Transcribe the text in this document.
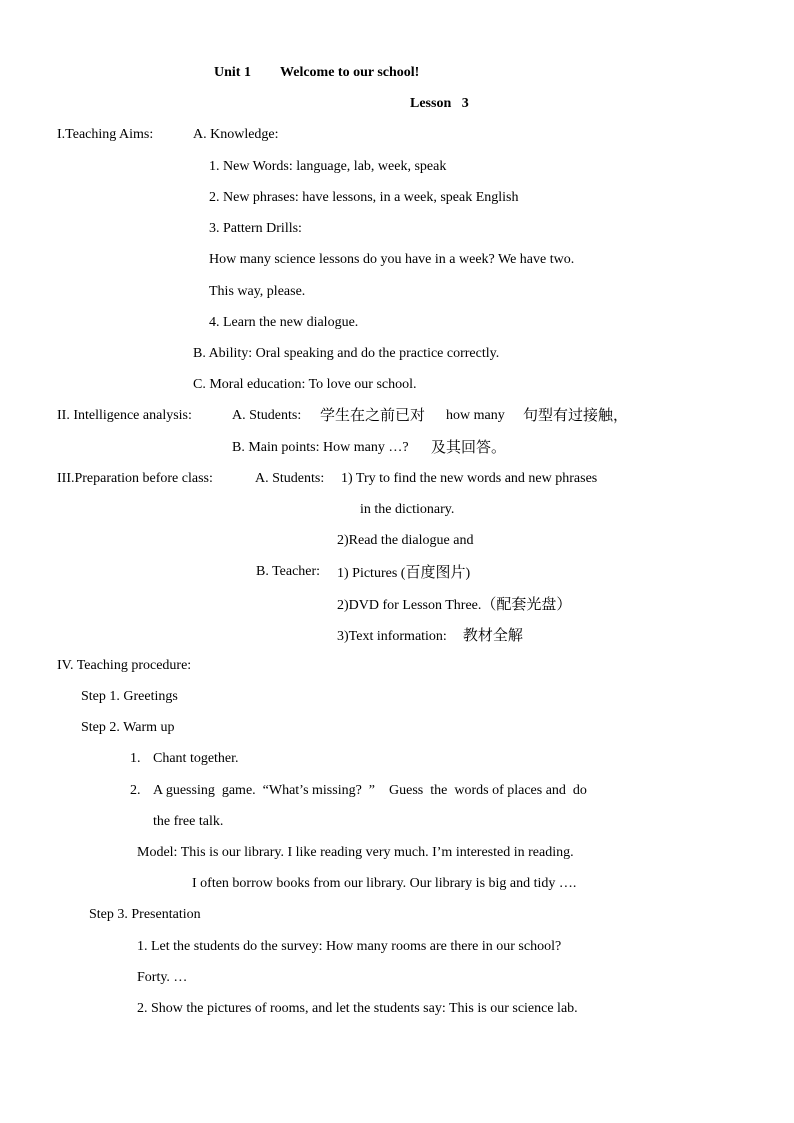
Unit 1 Welcome to our school!
Lesson   3
I.Teaching Aims:	A. Knowledge:
1. New Words: language, lab, week, speak
2. New phrases: have lessons, in a week, speak English
3. Pattern Drills:
How many science lessons do you have in a week? We have two.
This way, please.
4. Learn the new dialogue.
B. Ability: Oral speaking and do the practice correctly.
C. Moral education: To love our school.
II. Intelligence analysis:	A. Students: 学生在之前已对 how many 句型有过接触，
B. Main points: How many …? 及其回答。
III.Preparation before class:	A. Students: 1) Try to find the new words and new phrases
in the dictionary.
2)Read the dialogue and
B. Teacher: 1) Pictures (百度图片)
2)DVD for Lesson Three.（配套光盘）
3)Text information: 教材全解
IV. Teaching procedure:
Step 1. Greetings
Step 2. Warm up
1. Chant together.
2. A guessing  game.  “What’s missing?  ”    Guess  the  words of places and  do
the free talk.
Model: This is our library. I like reading very much. I’m interested in reading.
I often borrow books from our library. Our library is big and tidy ….
Step 3. Presentation
1. Let the students do the survey: How many rooms are there in our school?
Forty. …
2. Show the pictures of rooms, and let the students say: This is our science lab.
